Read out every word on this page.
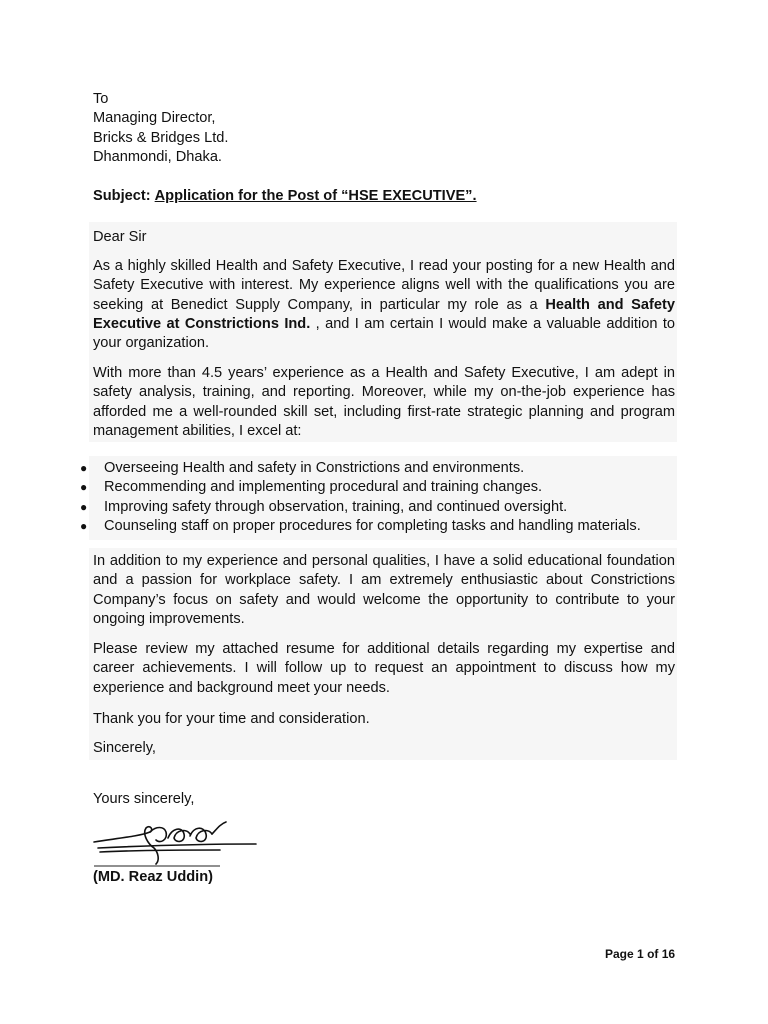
To
Managing Director,
Bricks & Bridges Ltd.
Dhanmondi, Dhaka.
Subject: Application for the Post of “HSE EXECUTIVE”.
Dear Sir

As a highly skilled Health and Safety Executive, I read your posting for a new Health and Safety Executive with interest. My experience aligns well with the qualifications you are seeking at Benedict Supply Company, in particular my role as a Health and Safety Executive at Constrictions Ind. , and I am certain I would make a valuable addition to your organization.

With more than 4.5 years’ experience as a Health and Safety Executive, I am adept in safety analysis, training, and reporting. Moreover, while my on-the-job experience has afforded me a well-rounded skill set, including first-rate strategic planning and program management abilities, I excel at:

● Overseeing Health and safety in Constrictions and environments.
● Recommending and implementing procedural and training changes.
● Improving safety through observation, training, and continued oversight.
● Counseling staff on proper procedures for completing tasks and handling materials.

In addition to my experience and personal qualities, I have a solid educational foundation and a passion for workplace safety. I am extremely enthusiastic about Constrictions Company’s focus on safety and would welcome the opportunity to contribute to your ongoing improvements.

Please review my attached resume for additional details regarding my expertise and career achievements. I will follow up to request an appointment to discuss how my experience and background meet your needs.

Thank you for your time and consideration.

Sincerely,
Yours sincerely,
(MD. Reaz Uddin)
Page 1 of 16
